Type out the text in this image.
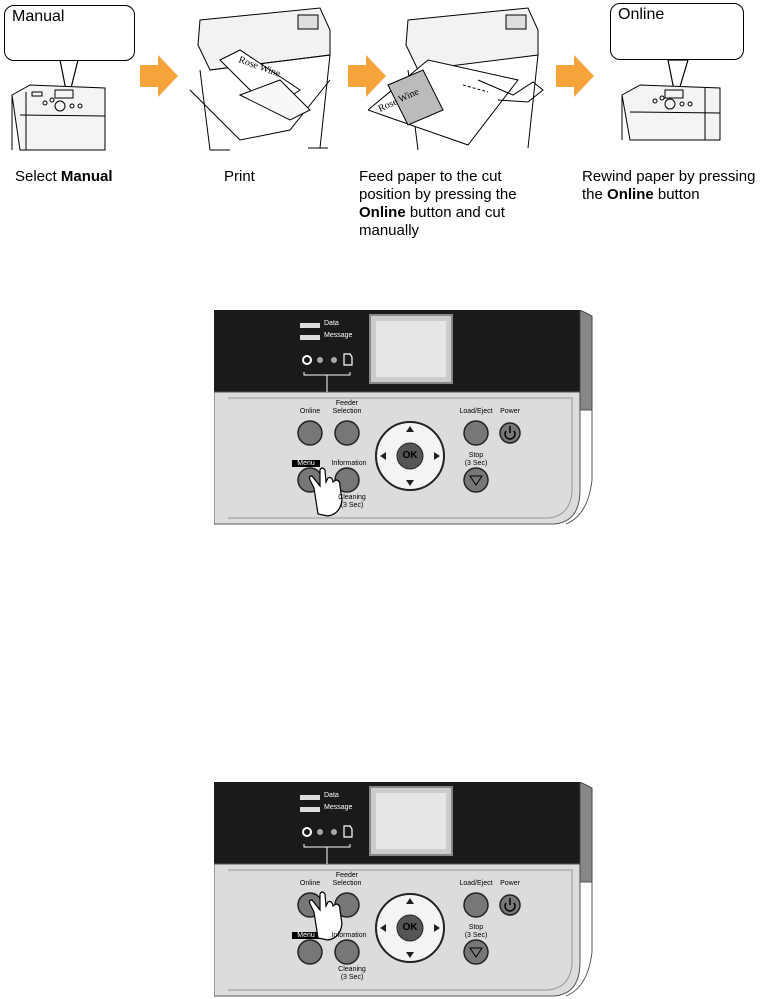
Manual
Select Manual
Rose Wine
Print
Rose Wine
Feed paper to the cut
position by pressing the
Online button and cut
manually
Online
Rewind paper by pressing
the Online button
Data
Message
Online
Feeder
Selection
Menu	Information
Cleaning
(3 Sec)
OK
Load/Eject	Power
Stop
(3 Sec)
Data
Message
Online
Feeder
Selection
Menu	Information
Cleaning
(3 Sec)
OK
Load/Eject	Power
Stop
(3 Sec)
